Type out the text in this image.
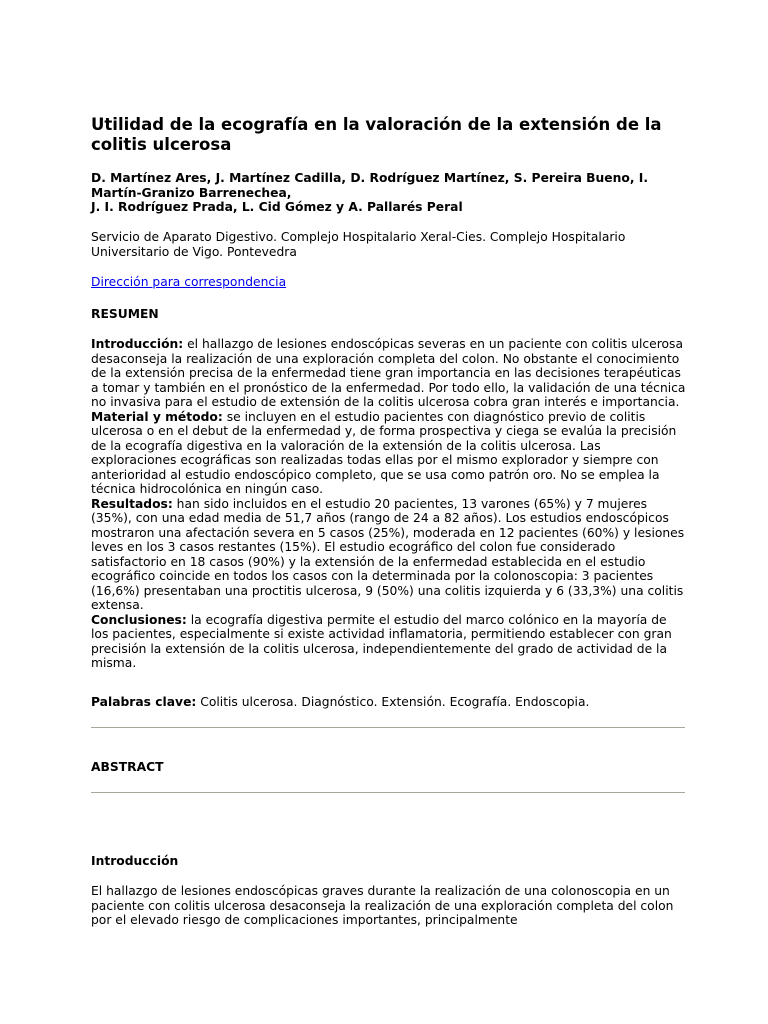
Utilidad de la ecografía en la valoración de la extensión de la colitis ulcerosa

D. Martínez Ares, J. Martínez Cadilla, D. Rodríguez Martínez, S. Pereira Bueno, I. Martín-Granizo Barrenechea,
J. I. Rodríguez Prada, L. Cid Gómez y A. Pallarés Peral

Servicio de Aparato Digestivo. Complejo Hospitalario Xeral-Cies. Complejo Hospitalario Universitario de Vigo. Pontevedra

Dirección para correspondencia

RESUMEN

Introducción: el hallazgo de lesiones endoscópicas severas en un paciente con colitis ulcerosa desaconseja la realización de una exploración completa del colon. No obstante el conocimiento de la extensión precisa de la enfermedad tiene gran importancia en las decisiones terapéuticas a tomar y también en el pronóstico de la enfermedad. Por todo ello, la validación de una técnica no invasiva para el estudio de extensión de la colitis ulcerosa cobra gran interés e importancia.
Material y método: se incluyen en el estudio pacientes con diagnóstico previo de colitis ulcerosa o en el debut de la enfermedad y, de forma prospectiva y ciega se evalúa la precisión de la ecografía digestiva en la valoración de la extensión de la colitis ulcerosa. Las exploraciones ecográficas son realizadas todas ellas por el mismo explorador y siempre con anterioridad al estudio endoscópico completo, que se usa como patrón oro. No se emplea la técnica hidrocolónica en ningún caso.
Resultados: han sido incluidos en el estudio 20 pacientes, 13 varones (65%) y 7 mujeres (35%), con una edad media de 51,7 años (rango de 24 a 82 años). Los estudios endoscópicos mostraron una afectación severa en 5 casos (25%), moderada en 12 pacientes (60%) y lesiones leves en los 3 casos restantes (15%). El estudio ecográfico del colon fue considerado satisfactorio en 18 casos (90%) y la extensión de la enfermedad establecida en el estudio ecográfico coincide en todos los casos con la determinada por la colonoscopia: 3 pacientes (16,6%) presentaban una proctitis ulcerosa, 9 (50%) una colitis izquierda y 6 (33,3%) una colitis extensa.
Conclusiones: la ecografía digestiva permite el estudio del marco colónico en la mayoría de los pacientes, especialmente si existe actividad inflamatoria, permitiendo establecer con gran precisión la extensión de la colitis ulcerosa, independientemente del grado de actividad de la misma.

Palabras clave: Colitis ulcerosa. Diagnóstico. Extensión. Ecografía. Endoscopia.

ABSTRACT

Introducción

El hallazgo de lesiones endoscópicas graves durante la realización de una colonoscopia en un paciente con colitis ulcerosa desaconseja la realización de una exploración completa del colon por el elevado riesgo de complicaciones importantes, principalmente
